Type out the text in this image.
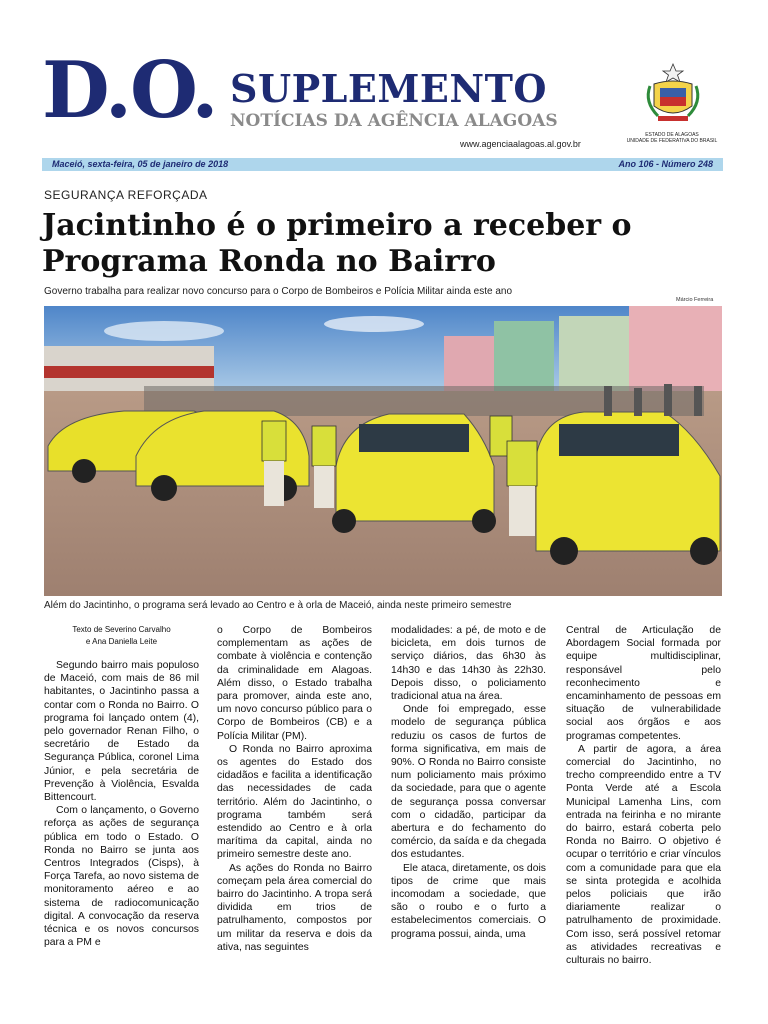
D.O. SUPLEMENTO
NOTÍCIAS DA AGÊNCIA ALAGOAS
www.agenciaalagoas.al.gov.br
ESTADO DE ALAGOAS
UNIDADE DE FEDERATIVA DO BRASIL
Maceió, sexta-feira, 05 de janeiro de 2018	Ano 106 - Número 248
SEGURANÇA REFORÇADA
Jacintinho é o primeiro a receber o Programa Ronda no Bairro
Governo trabalha para realizar novo concurso para o Corpo de Bombeiros e Polícia Militar ainda este ano
Márcio Ferreira
Além do Jacintinho, o programa será levado ao Centro e à orla de Maceió, ainda neste primeiro semestre

Texto de Severino Carvalho
e Ana Daniella Leite

Segundo bairro mais populoso de Maceió, com mais de 86 mil habitantes, o Jacintinho passa a contar com o Ronda no Bairro. O programa foi lançado ontem (4), pelo governador Renan Filho, o secretário de Estado da Segurança Pública, coronel Lima Júnior, e pela secretária de Prevenção à Violência, Esvalda Bittencourt.

Com o lançamento, o Governo reforça as ações de segurança pública em todo o Estado. O Ronda no Bairro se junta aos Centros Integrados (Cisps), à Força Tarefa, ao novo sistema de monitoramento aéreo e ao sistema de radiocomunicação digital. A convocação da reserva técnica e os novos concursos para a PM e

o Corpo de Bombeiros complementam as ações de combate à violência e contenção da criminalidade em Alagoas. Além disso, o Estado trabalha para promover, ainda este ano, um novo concurso público para o Corpo de Bombeiros (CB) e a Polícia Militar (PM).

O Ronda no Bairro aproxima os agentes do Estado dos cidadãos e facilita a identificação das necessidades de cada território. Além do Jacintinho, o programa também será estendido ao Centro e à orla marítima da capital, ainda no primeiro semestre deste ano.

As ações do Ronda no Bairro começam pela área comercial do bairro do Jacintinho. A tropa será dividida em trios de patrulhamento, compostos por um militar da reserva e dois da ativa, nas seguintes

modalidades: a pé, de moto e de bicicleta, em dois turnos de serviço diários, das 6h30 às 14h30 e das 14h30 às 22h30. Depois disso, o policiamento tradicional atua na área.

Onde foi empregado, esse modelo de segurança pública reduziu os casos de furtos de forma significativa, em mais de 90%. O Ronda no Bairro consiste num policiamento mais próximo da sociedade, para que o agente de segurança possa conversar com o cidadão, participar da abertura e do fechamento do comércio, da saída e da chegada dos estudantes.

Ele ataca, diretamente, os dois tipos de crime que mais incomodam a sociedade, que são o roubo e o furto a estabelecimentos comerciais. O programa possui, ainda, uma

Central de Articulação de Abordagem Social formada por equipe multidisciplinar, responsável pelo reconhecimento e encaminhamento de pessoas em situação de vulnerabilidade social aos órgãos e aos programas competentes.

A partir de agora, a área comercial do Jacintinho, no trecho compreendido entre a TV Ponta Verde até a Escola Municipal Lamenha Lins, com entrada na feirinha e no mirante do bairro, estará coberta pelo Ronda no Bairro. O objetivo é ocupar o território e criar vínculos com a comunidade para que ela se sinta protegida e acolhida pelos policiais que irão diariamente realizar o patrulhamento de proximidade. Com isso, será possível retomar as atividades recreativas e culturais no bairro.
